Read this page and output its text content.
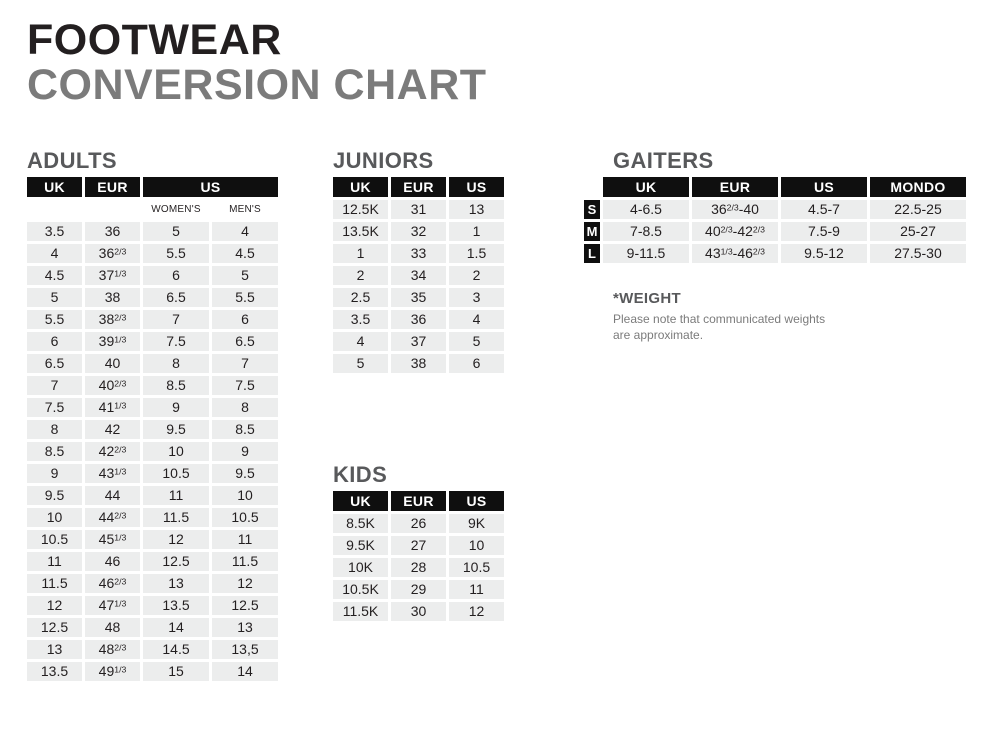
FOOTWEAR
CONVERSION CHART
ADULTS
UK	EUR	US	
		WOMEN'S	MEN'S
3.5	36	5	4
4	$36^{2/3}$	5.5	4.5
4.5	$37^{1/3}$	6	5
5	38	6.5	5.5
5.5	$38^{2/3}$	7	6
6	$39^{1/3}$	7.5	6.5
6.5	40	8	7
7	$40^{2/3}$	8.5	7.5
7.5	$41^{1/3}$	9	8
8	42	9.5	8.5
8.5	$42^{2/3}$	10	9
9	$43^{1/3}$	10.5	9.5
9.5	44	11	10
10	$44^{2/3}$	11.5	10.5
10.5	$45^{1/3}$	12	11
11	46	12.5	11.5
11.5	$46^{2/3}$	13	12
12	$47^{1/3}$	13.5	12.5
12.5	48	14	13
13	$48^{2/3}$	14.5	13,5
13.5	$49^{1/3}$	15	14
JUNIORS
UK	EUR	US
12.5K	31	13
13.5K	32	1
1	33	1.5
2	34	2
2.5	35	3
3.5	36	4
4	37	5
5	38	6
KIDS
UK	EUR	US
8.5K	26	9K
9.5K	27	10
10K	28	10.5
10.5K	29	11
11.5K	30	12
GAITERS
	UK	EUR	US	MONDO
S	4-6.5	$36^{2/3}-40$	4.5-7	22.5-25
M	7-8.5	$40^{2/3}-42^{2/3}$	7.5-9	25-27
L	9-11.5	$43^{1/3}-46^{2/3}$	9.5-12	27.5-30

*WEIGHT

Please note that communicated weights are approximate.
